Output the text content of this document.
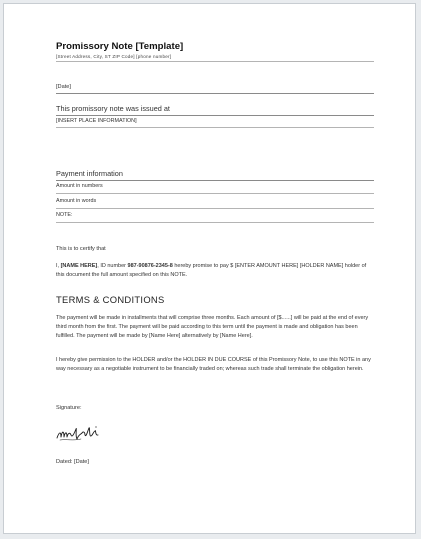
Promissory Note [Template]
[Street Address, City, ST ZIP Code] [phone number]
[Date]
This promissory note was issued at
[INSERT PLACE INFORMATION]
Payment information
Amount in numbers
Amount in words
NOTE:
This is to certify that

I, [NAME HERE], ID number 987-90876-2345-8 hereby promise to pay $ [ENTER AMOUNT HERE] [HOLDER NAME] holder of this document the full amount specified on this NOTE.

TERMS & CONDITIONS

The payment will be made in installments that will comprise three months. Each amount of [$......] will be paid at the end of every third month from the first. The payment will be paid according to this term until the payment is made and obligation has been fulfilled. The payment will be made by [Name Here] alternatively by [Name Here].

I hereby give permission to the HOLDER and/or the HOLDER IN DUE COURSE of this Promissory Note, to use this NOTE in any way necessary as a negotiable instrument to be financially traded on; whereas such trade shall terminate the obligation herein.

Signature:
Dated: [Date]
